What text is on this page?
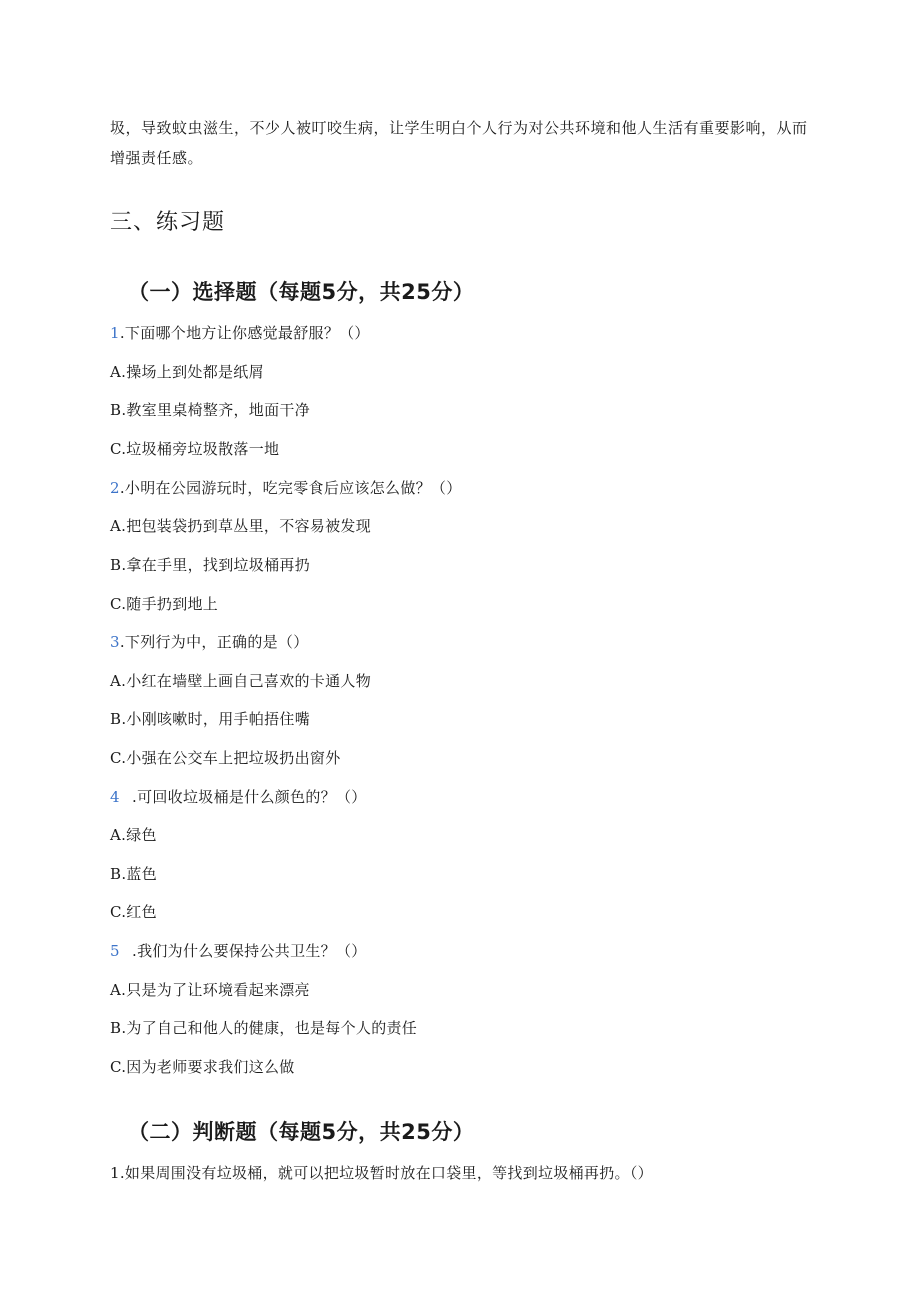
圾，导致蚊虫滋生，不少人被叮咬生病，让学生明白个人行为对公共环境和他人生活有重要影响，从而增强责任感。

三、练习题
（一）选择题（每题5分，共25分）
1.下面哪个地方让你感觉最舒服？（）
A.操场上到处都是纸屑
B.教室里桌椅整齐，地面干净
C.垃圾桶旁垃圾散落一地
2.小明在公园游玩时，吃完零食后应该怎么做？（）
A.把包装袋扔到草丛里，不容易被发现
B.拿在手里，找到垃圾桶再扔
C.随手扔到地上
3.下列行为中，正确的是（）
A.小红在墙壁上画自己喜欢的卡通人物
B.小刚咳嗽时，用手帕捂住嘴
C.小强在公交车上把垃圾扔出窗外
4 .可回收垃圾桶是什么颜色的？（）
A.绿色
B.蓝色
C.红色
5 .我们为什么要保持公共卫生？（）
A.只是为了让环境看起来漂亮
B.为了自己和他人的健康，也是每个人的责任
C.因为老师要求我们这么做
（二）判断题（每题5分，共25分）
1.如果周围没有垃圾桶，就可以把垃圾暂时放在口袋里，等找到垃圾桶再扔。（）
